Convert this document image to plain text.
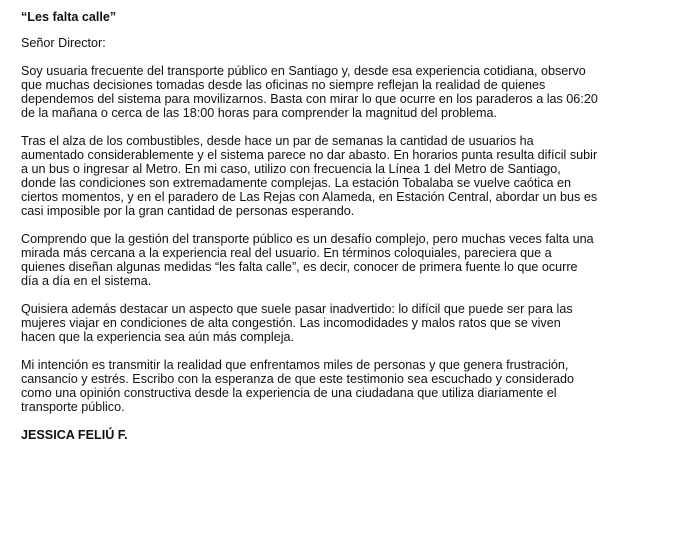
“Les falta calle”
Señor Director:
Soy usuaria frecuente del transporte público en Santiago y, desde esa experiencia cotidiana, observo
que muchas decisiones tomadas desde las oficinas no siempre reflejan la realidad de quienes
dependemos del sistema para movilizarnos. Basta con mirar lo que ocurre en los paraderos a las 06:20
de la mañana o cerca de las 18:00 horas para comprender la magnitud del problema.
Tras el alza de los combustibles, desde hace un par de semanas la cantidad de usuarios ha
aumentado considerablemente y el sistema parece no dar abasto. En horarios punta resulta difícil subir
a un bus o ingresar al Metro. En mi caso, utilizo con frecuencia la Línea 1 del Metro de Santiago,
donde las condiciones son extremadamente complejas. La estación Tobalaba se vuelve caótica en
ciertos momentos, y en el paradero de Las Rejas con Alameda, en Estación Central, abordar un bus es
casi imposible por la gran cantidad de personas esperando.
Comprendo que la gestión del transporte público es un desafío complejo, pero muchas veces falta una
mirada más cercana a la experiencia real del usuario. En términos coloquiales, pareciera que a
quienes diseñan algunas medidas “les falta calle”, es decir, conocer de primera fuente lo que ocurre
día a día en el sistema.
Quisiera además destacar un aspecto que suele pasar inadvertido: lo difícil que puede ser para las
mujeres viajar en condiciones de alta congestión. Las incomodidades y malos ratos que se viven
hacen que la experiencia sea aún más compleja.
Mi intención es transmitir la realidad que enfrentamos miles de personas y que genera frustración,
cansancio y estrés. Escribo con la esperanza de que este testimonio sea escuchado y considerado
como una opinión constructiva desde la experiencia de una ciudadana que utiliza diariamente el
transporte público.
JESSICA FELIÚ F.
